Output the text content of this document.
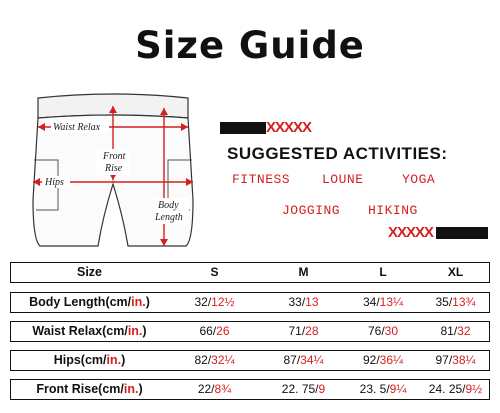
Size Guide
Waist Relax
Front
Rise
Hips
Body
Length
XXXXX
SUGGESTED ACTIVITIES:
FITNESS LOUNE	YOGA
JOGGING HIKING
XXXXX
Size	S	M	L	XL
Body Length(cm/in.)	32/12½	33/13	34/13¼	35/13¾
Waist Relax(cm/in.)	66/26	71/28	76/30	81/32
Hips(cm/in.)	82/32¼	87/34¼	92/36¼	97/38¼
Front Rise(cm/in.)	22/8¾	22. 75/9	23. 5/9¼	24. 25/9½
